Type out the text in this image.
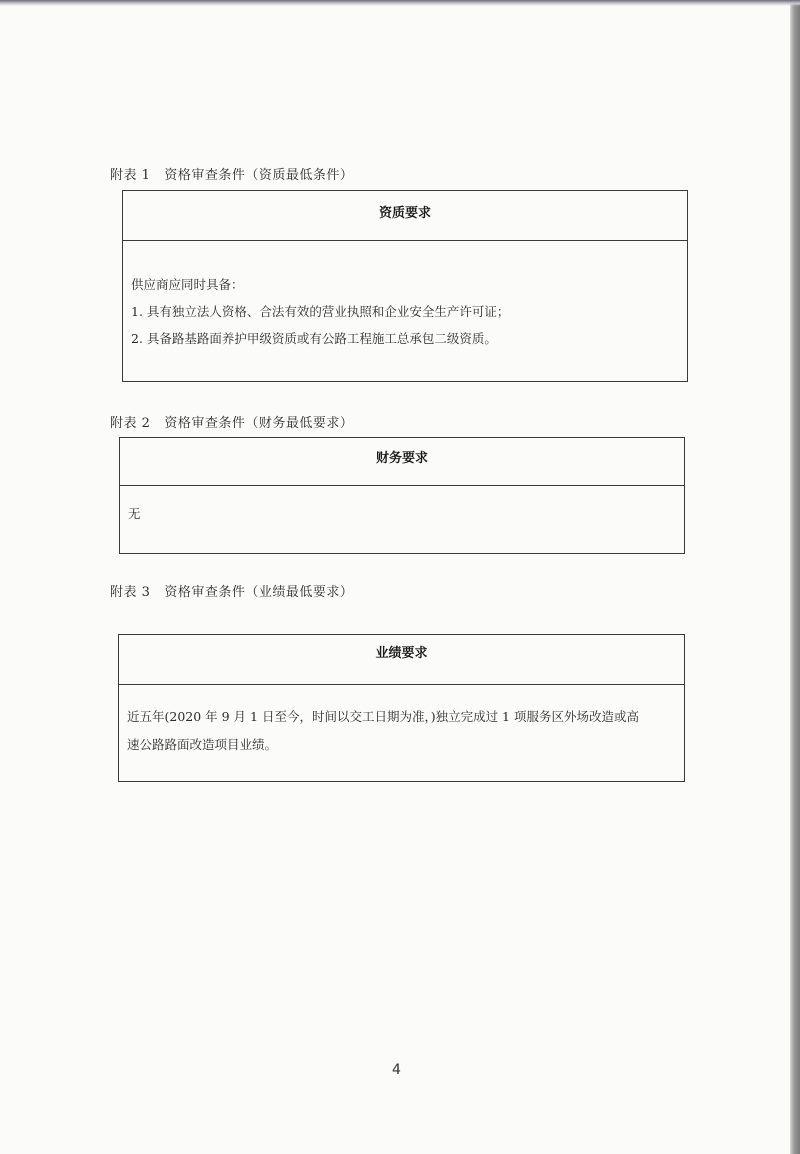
附表 1 资格审查条件（资质最低条件）
资质要求
供应商应同时具备：
1. 具有独立法人资格、合法有效的营业执照和企业安全生产许可证；
2. 具备路基路面养护甲级资质或有公路工程施工总承包二级资质。
附表 2 资格审查条件（财务最低要求）
财务要求
无
附表 3 资格审查条件（业绩最低要求）
业绩要求
近五年(2020 年 9 月 1 日至今，时间以交工日期为准，)独立完成过 1 项服务区外场改造或高
速公路路面改造项目业绩。
4
